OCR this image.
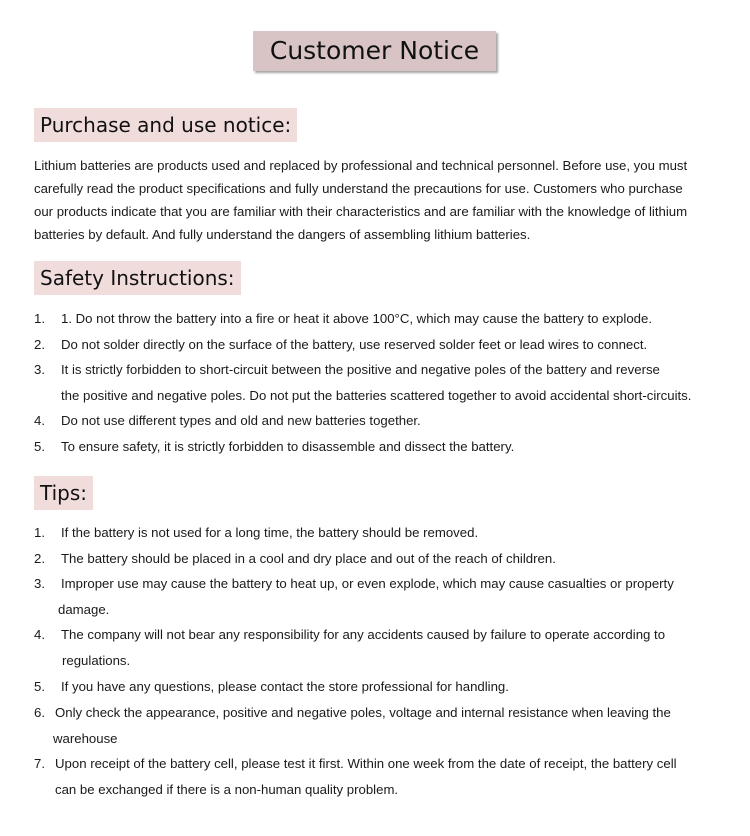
Customer Notice
Purchase and use notice:
Lithium batteries are products used and replaced by professional and technical personnel. Before use, you must
carefully read the product specifications and fully understand the precautions for use. Customers who purchase
our products indicate that you are familiar with their characteristics and are familiar with the knowledge of lithium
batteries by default. And fully understand the dangers of assembling lithium batteries.
Safety Instructions:
1. 1. Do not throw the battery into a fire or heat it above 100°C, which may cause the battery to explode.
2. Do not solder directly on the surface of the battery, use reserved solder feet or lead wires to connect.
3. It is strictly forbidden to short-circuit between the positive and negative poles of the battery and reverse
the positive and negative poles. Do not put the batteries scattered together to avoid accidental short-circuits.
4. Do not use different types and old and new batteries together.
5. To ensure safety, it is strictly forbidden to disassemble and dissect the battery.
Tips:
1. If the battery is not used for a long time, the battery should be removed.
2. The battery should be placed in a cool and dry place and out of the reach of children.
3. Improper use may cause the battery to heat up, or even explode, which may cause casualties or property
damage.
4. The company will not bear any responsibility for any accidents caused by failure to operate according to
regulations.
5. If you have any questions, please contact the store professional for handling.
6. Only check the appearance, positive and negative poles, voltage and internal resistance when leaving the
warehouse
7. Upon receipt of the battery cell, please test it first. Within one week from the date of receipt, the battery cell
can be exchanged if there is a non-human quality problem.
